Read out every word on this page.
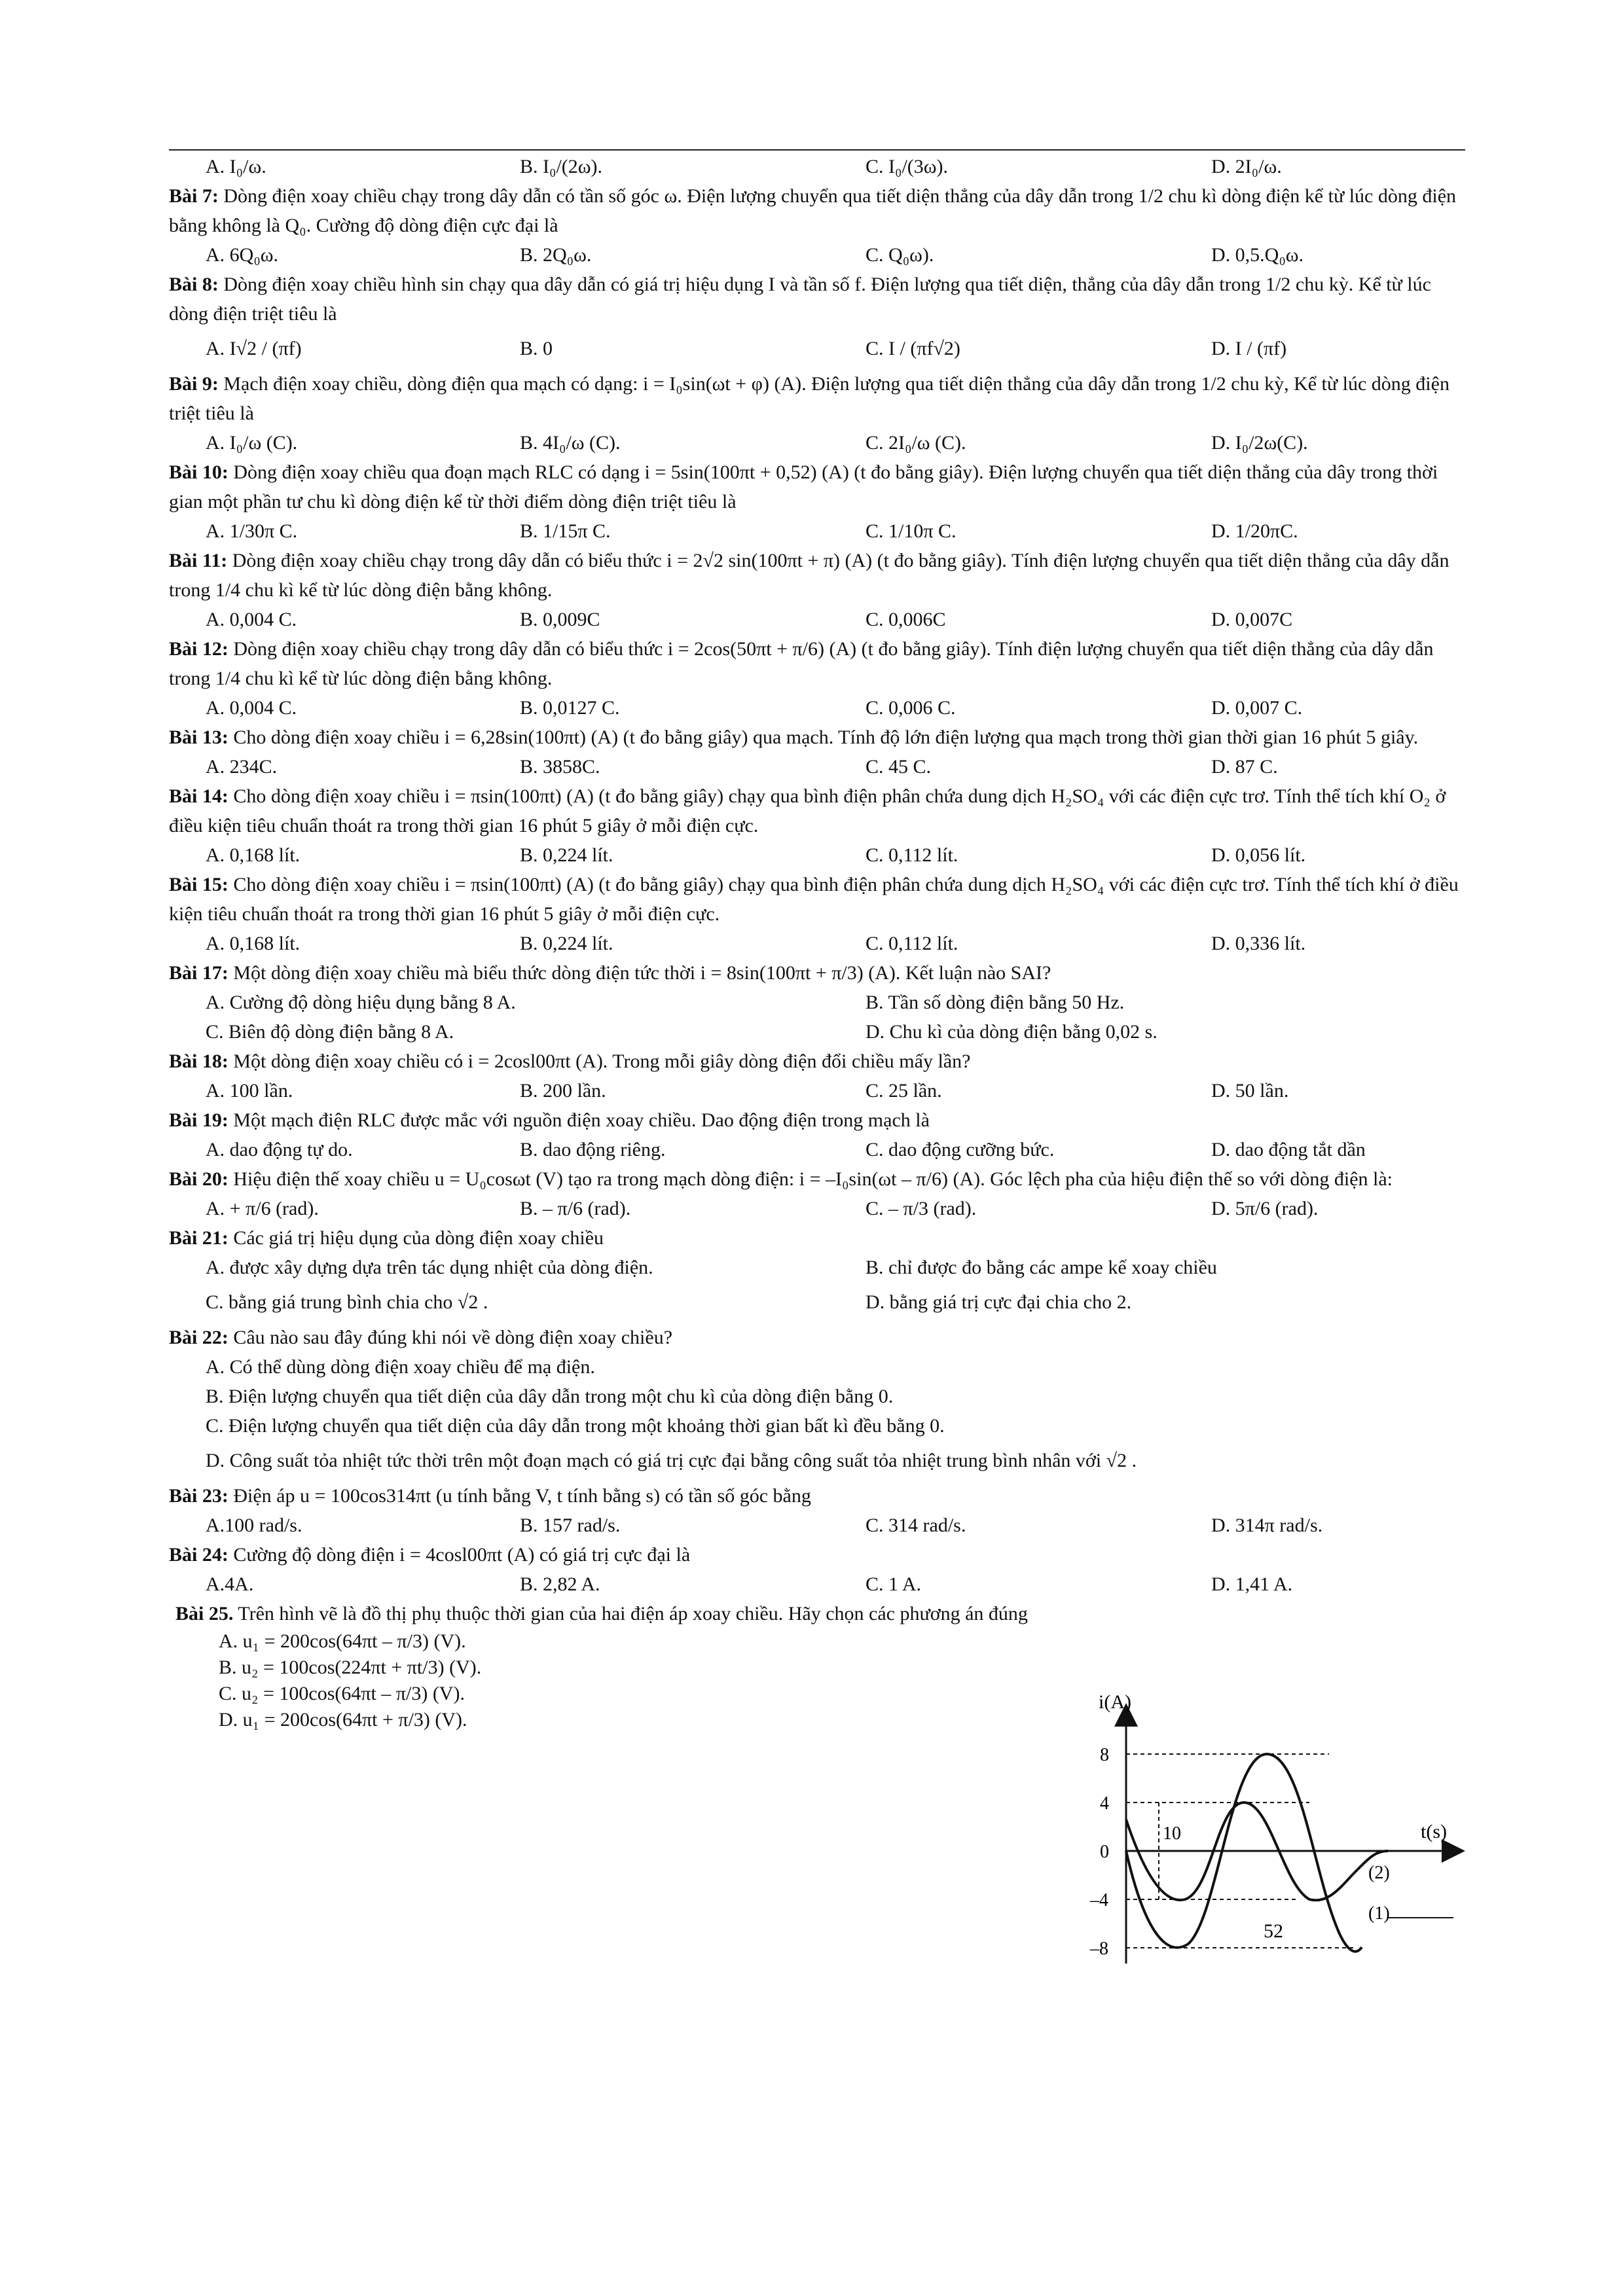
A. I₀/ω.	B. I₀/(2ω).	C. I₀/(3ω).	D. 2I₀/ω.

Bài 7: Dòng điện xoay chiều chạy trong dây dẫn có tần số góc ω. Điện lượng chuyển qua tiết diện thẳng của dây dẫn trong 1/2 chu kì dòng điện kể từ lúc dòng điện bằng không là Q₀. Cường độ dòng điện cực đại là

A. 6Q₀ω.	B. 2Q₀ω.	C. Q₀ω).	D. 0,5.Q₀ω.

Bài 8: Dòng điện xoay chiều hình sin chạy qua dây dẫn có giá trị hiệu dụng I và tần số f. Điện lượng qua tiết diện, thẳng của dây dẫn trong 1/2 chu kỳ. Kể từ lúc dòng điện triệt tiêu là

A. I√2 / (πf)	B. 0	C. I / (πf√2)	D. I / (πf)

Bài 9: Mạch điện xoay chiều, dòng điện qua mạch có dạng: i = I₀sin(ωt + φ) (A). Điện lượng qua tiết diện thẳng của dây dẫn trong 1/2 chu kỳ, Kể từ lúc dòng điện triệt tiêu là

A. I₀/ω (C).	B. 4I₀/ω (C).	C. 2I₀/ω (C).	D. I₀/2ω(C).

Bài 10: Dòng điện xoay chiều qua đoạn mạch RLC có dạng i = 5sin(100πt + 0,52) (A) (t đo bằng giây). Điện lượng chuyển qua tiết diện thẳng của dây trong thời gian một phần tư chu kì dòng điện kể từ thời điểm dòng điện triệt tiêu là

A. 1/30π C.	B. 1/15π C.	C. 1/10π C.	D. 1/20πC.

Bài 11: Dòng điện xoay chiều chạy trong dây dẫn có biểu thức i = 2√2 sin(100πt + π) (A) (t đo bằng giây). Tính điện lượng chuyển qua tiết diện thẳng của dây dẫn trong 1/4 chu kì kể từ lúc dòng điện bằng không.

A. 0,004 C.	B. 0,009C	C. 0,006C	D. 0,007C

Bài 12: Dòng điện xoay chiều chạy trong dây dẫn có biểu thức i = 2cos(50πt + π/6) (A) (t đo bằng giây). Tính điện lượng chuyển qua tiết diện thẳng của dây dẫn trong 1/4 chu kì kể từ lúc dòng điện bằng không.

A. 0,004 C.	B. 0,0127 C.	C. 0,006 C.	D. 0,007 C.

Bài 13: Cho dòng điện xoay chiều i = 6,28sin(100πt) (A) (t đo bằng giây) qua mạch. Tính độ lớn điện lượng qua mạch trong thời gian thời gian 16 phút 5 giây.

A. 234C.	B. 3858C.	C. 45 C.	D. 87 C.

Bài 14: Cho dòng điện xoay chiều i = πsin(100πt) (A) (t đo bằng giây) chạy qua bình điện phân chứa dung dịch H₂SO₄ với các điện cực trơ. Tính thể tích khí O₂ ở điều kiện tiêu chuẩn thoát ra trong thời gian 16 phút 5 giây ở mỗi điện cực.

A. 0,168 lít.	B. 0,224 lít.	C. 0,112 lít.	D. 0,056 lít.

Bài 15: Cho dòng điện xoay chiều i = πsin(100πt) (A) (t đo bằng giây) chạy qua bình điện phân chứa dung dịch H₂SO₄ với các điện cực trơ. Tính thể tích khí ở điều kiện tiêu chuẩn thoát ra trong thời gian 16 phút 5 giây ở mỗi điện cực.

A. 0,168 lít.	B. 0,224 lít.	C. 0,112 lít.	D. 0,336 lít.

Bài 17: Một dòng điện xoay chiều mà biểu thức dòng điện tức thời i = 8sin(100πt + π/3) (A). Kết luận nào SAI?

A. Cường độ dòng hiệu dụng bằng 8 A.	B. Tần số dòng điện bằng 50 Hz.
C. Biên độ dòng điện bằng 8 A.	D. Chu kì của dòng điện bằng 0,02 s.

Bài 18: Một dòng điện xoay chiều có i = 2cosl00πt (A). Trong mỗi giây dòng điện đổi chiều mấy lần?

A. 100 lần.	B. 200 lần.	C. 25 lần.	D. 50 lần.

Bài 19: Một mạch điện RLC được mắc với nguồn điện xoay chiều. Dao động điện trong mạch là

A. dao động tự do.	B. dao động riêng.	C. dao động cưỡng bức.	D. dao động tắt dần

Bài 20: Hiệu điện thế xoay chiều u = U₀cosωt (V) tạo ra trong mạch dòng điện: i = –I₀sin(ωt – π/6) (A). Góc lệch pha của hiệu điện thế so với dòng điện là:

A. + π/6 (rad).	B. – π/6 (rad).	C. – π/3 (rad).	D. 5π/6 (rad).

Bài 21: Các giá trị hiệu dụng của dòng điện xoay chiều

A. được xây dựng dựa trên tác dụng nhiệt của dòng điện.	B. chỉ được đo bằng các ampe kế xoay chiều
C. bằng giá trung bình chia cho √2 .	D. bằng giá trị cực đại chia cho 2.

Bài 22: Câu nào sau đây đúng khi nói về dòng điện xoay chiều?

A. Có thể dùng dòng điện xoay chiều để mạ điện.

B. Điện lượng chuyển qua tiết diện của dây dẫn trong một chu kì của dòng điện bằng 0.

C. Điện lượng chuyển qua tiết diện của dây dẫn trong một khoảng thời gian bất kì đều bằng 0.

D. Công suất tỏa nhiệt tức thời trên một đoạn mạch có giá trị cực đại bằng công suất tỏa nhiệt trung bình nhân với √2 .

Bài 23: Điện áp u = 100cos314πt (u tính bằng V, t tính bằng s) có tần số góc bằng

A.100 rad/s.	B. 157 rad/s.	C. 314 rad/s.	D. 314π rad/s.

Bài 24: Cường độ dòng điện i = 4cosl00πt (A) có giá trị cực đại là

A.4A.	B. 2,82 A.	C. 1 A.	D. 1,41 A.

Bài 25. Trên hình vẽ là đồ thị phụ thuộc thời gian của hai điện áp xoay chiều. Hãy chọn các phương án đúng

A. u₁ = 200cos(64πt – π/3) (V).

B. u₂ = 100cos(224πt + πt/3) (V).

C. u₂ = 100cos(64πt – π/3) (V).

D. u₁ = 200cos(64πt + π/3) (V).

i(A)
t(s)
8
4
0
–4
–8
10
52
(2)
(1)
